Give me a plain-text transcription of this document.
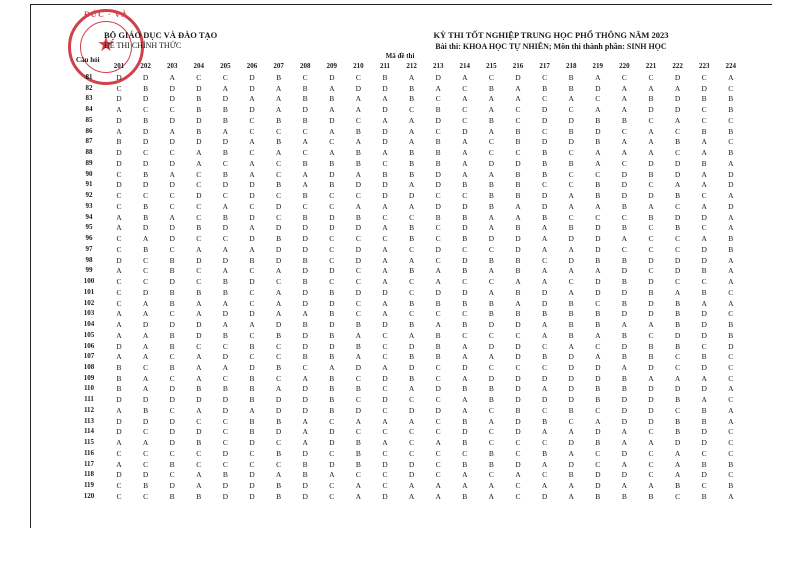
ĐỨC · VÀ
★
BỘ GIÁO DỤC VÀ ĐÀO TẠO
ĐỀ THI CHÍNH THỨC
KỲ THI TỐT NGHIỆP TRUNG HỌC PHỔ THÔNG NĂM 2023
Bài thi: KHOA HỌC TỰ NHIÊN; Môn thi thành phần: SINH HỌC
Mã đề thi
Câu hỏi
201	202	203	204	205	206	207	208	209	210	211	212	213	214	215	216	217	218	219	220	221	222	223	224
81	D	D	A	C	C	D	B	C	D	C	B	A	D	A	C	D	C	B	A	C	C	D	C	A
82	C	B	D	D	A	D	A	B	A	D	D	B	A	C	B	A	B	B	D	A	A	A	D	C
83	D	D	D	B	D	A	A	B	B	A	A	B	C	A	A	A	C	A	C	A	B	D	B	B
84	A	C	C	B	B	D	A	D	A	A	D	C	B	C	A	C	D	C	A	A	D	D	C	B
85	D	B	D	D	B	C	B	B	D	C	A	A	D	C	B	C	D	D	B	B	C	A	C	C
86	A	D	A	B	A	C	C	C	A	B	D	A	C	D	A	B	C	B	D	C	A	C	B	B
87	B	D	D	D	D	A	B	A	C	A	D	A	B	A	C	B	D	D	B	A	A	B	A	C
88	D	C	C	A	B	C	A	C	A	B	A	B	B	A	C	C	B	C	A	A	A	C	A	B
89	D	D	D	A	C	A	C	B	B	B	C	B	B	A	D	D	B	B	A	C	D	D	B	A
90	C	B	A	C	B	A	C	A	D	A	B	B	D	A	A	B	B	C	C	D	B	D	A	D
91	D	D	D	C	D	D	B	A	B	D	D	A	D	B	B	B	C	C	B	D	C	A	A	D
92	C	C	C	D	C	D	C	B	C	C	D	D	C	C	B	B	D	A	B	D	D	B	C	A
93	C	B	C	C	A	C	D	C	C	A	A	A	D	D	B	A	D	A	A	B	A	C	A	D
94	A	B	A	C	B	D	C	B	D	B	C	C	B	B	A	A	B	C	C	C	B	D	D	A
95	A	D	D	B	D	A	D	D	D	D	A	B	C	D	A	B	A	B	D	B	C	B	C	A
96	C	A	D	C	C	D	B	D	C	C	C	B	C	B	D	D	A	D	D	A	C	C	A	B
97	C	B	C	A	A	A	D	D	C	D	A	C	D	C	C	D	A	A	D	C	C	C	D	B
98	D	C	B	D	D	B	D	B	C	D	A	A	C	D	B	B	C	D	B	B	D	D	D	A
99	A	C	B	C	A	C	A	D	D	C	A	B	A	B	A	B	A	A	A	D	C	D	B	A
100	C	C	D	C	B	D	C	B	C	C	A	C	A	C	C	A	A	C	D	B	D	C	C	A
101	C	D	B	B	B	C	A	D	B	D	D	C	D	D	A	B	D	A	D	D	B	A	B	C
102	C	A	B	A	A	C	A	D	D	C	A	B	B	B	B	A	D	B	C	B	D	B	A	A
103	A	A	C	A	D	D	A	A	B	C	A	C	C	C	B	B	B	B	B	D	D	B	D	C
104	A	D	D	D	A	A	D	B	D	B	D	B	A	B	D	D	A	B	B	A	A	B	D	B
105	A	A	B	D	B	C	B	D	B	A	C	A	B	C	C	C	A	B	A	B	C	D	D	B
106	D	A	B	C	C	B	C	D	D	B	C	D	B	A	D	D	C	A	C	D	B	B	C	D
107	A	A	C	A	D	C	C	B	B	A	C	B	B	A	A	D	B	D	A	B	B	C	B	C
108	B	C	B	A	A	D	B	C	A	D	A	D	C	D	C	C	C	D	D	A	D	C	D	C
109	B	A	C	A	C	B	C	A	B	C	D	B	C	A	D	D	D	D	D	B	A	A	A	C
110	B	A	D	B	B	B	A	D	B	B	C	A	D	B	B	D	A	D	B	B	D	D	D	A
111	D	D	D	D	D	B	D	D	B	C	D	C	C	A	B	D	D	D	B	D	D	B	A	C
112	A	B	C	A	D	A	D	D	B	D	C	D	D	A	C	B	C	B	C	D	D	C	B	A
113	D	D	D	C	C	B	B	A	C	A	A	A	C	B	A	D	B	C	A	D	D	B	B	A
114	D	C	D	D	C	B	D	A	D	C	C	C	C	D	C	D	A	A	D	A	C	B	D	C
115	A	A	D	B	C	D	C	A	D	B	A	C	A	B	C	C	C	D	B	A	A	D	D	C
116	C	C	C	C	D	C	B	D	C	B	C	C	C	C	B	C	B	A	C	D	C	A	C	C
117	A	C	B	C	C	C	C	B	D	B	D	D	C	B	B	D	A	D	C	A	C	A	B	B
118	D	D	C	A	B	D	A	B	A	C	C	D	C	A	C	A	C	B	D	D	C	A	D	C
119	C	B	D	A	D	D	B	D	C	A	C	A	A	A	A	C	A	A	D	A	A	B	C	B
120	C	C	B	B	D	D	B	D	C	A	D	A	A	B	A	C	D	A	B	B	B	C	B	A
